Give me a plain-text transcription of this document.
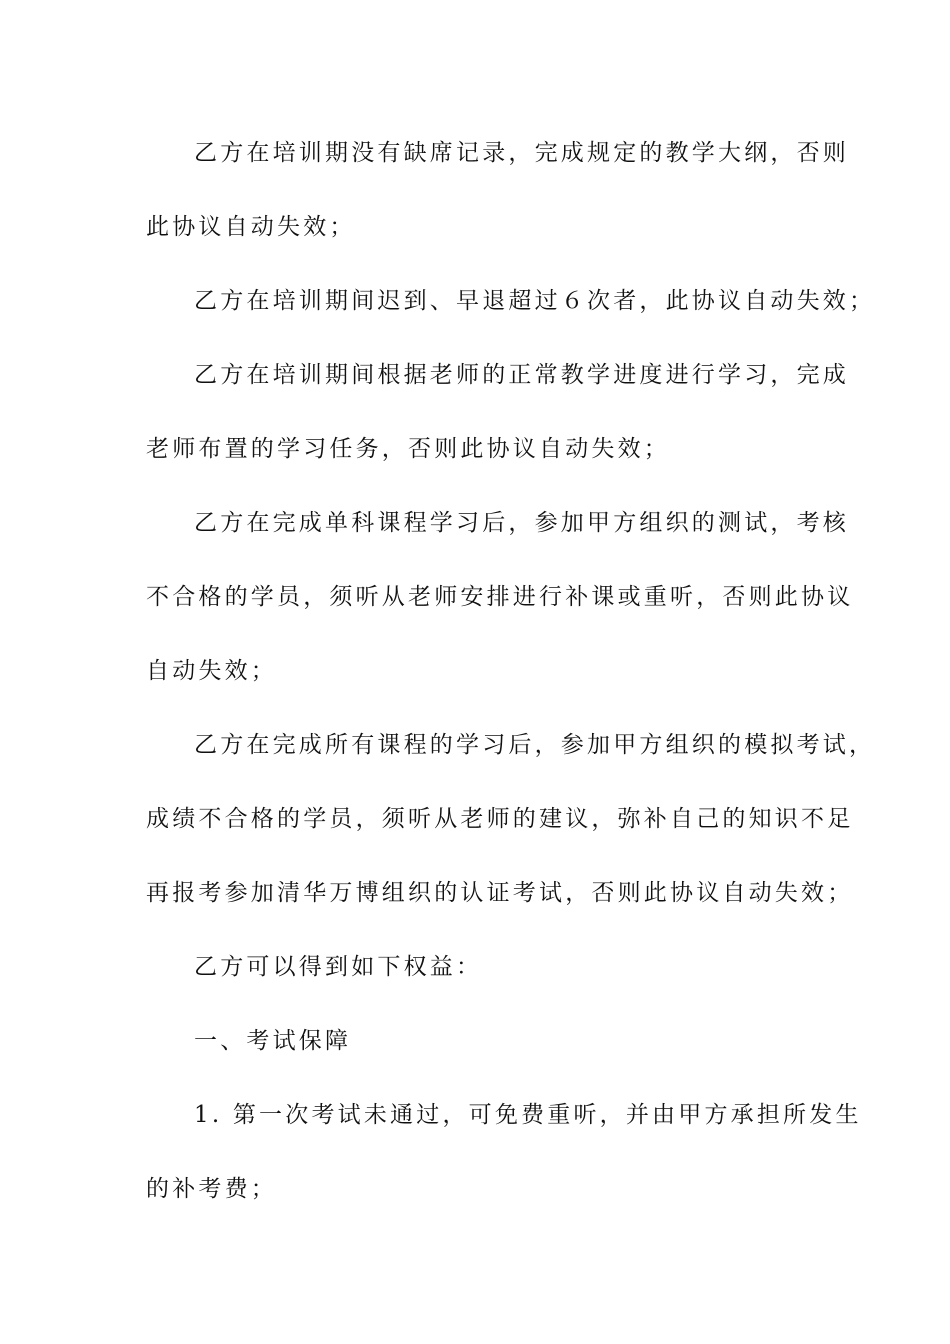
乙方在培训期没有缺席记录，完成规定的教学大纲，否则
此协议自动失效；
乙方在培训期间迟到、早退超过６次者，此协议自动失效；
乙方在培训期间根据老师的正常教学进度进行学习，完成
老师布置的学习任务，否则此协议自动失效；
乙方在完成单科课程学习后，参加甲方组织的测试，考核
不合格的学员，须听从老师安排进行补课或重听，否则此协议
自动失效；
乙方在完成所有课程的学习后，参加甲方组织的模拟考试，
成绩不合格的学员，须听从老师的建议，弥补自己的知识不足
再报考参加清华万博组织的认证考试，否则此协议自动失效；
乙方可以得到如下权益：
一、考试保障
1. 第一次考试未通过，可免费重听，并由甲方承担所发生
的补考费；
